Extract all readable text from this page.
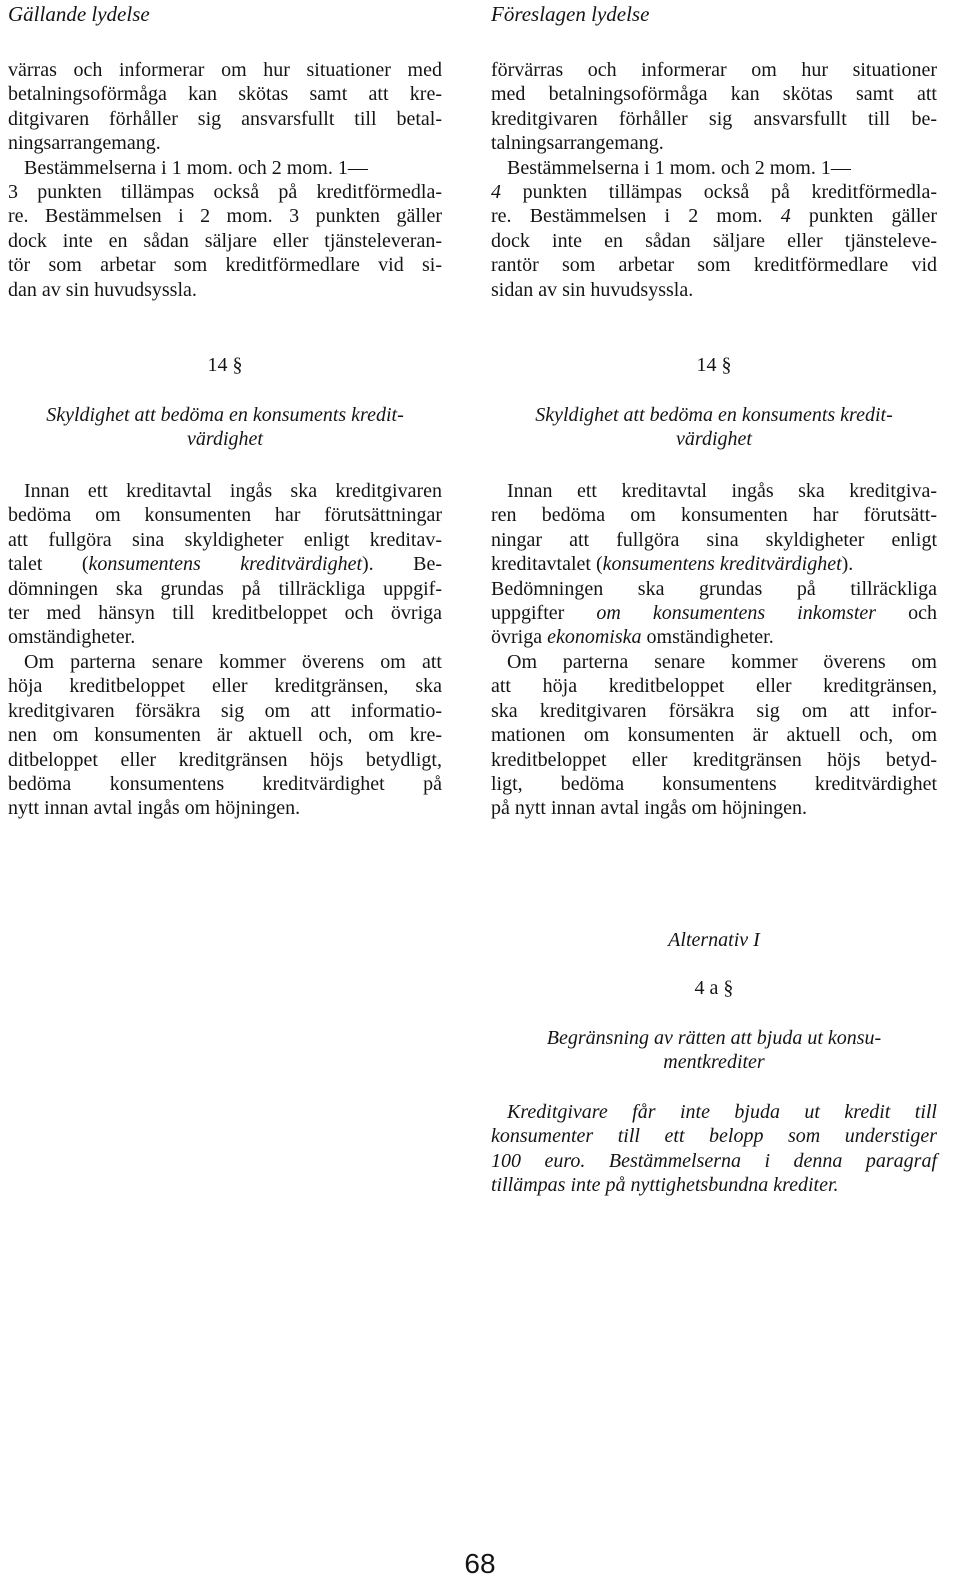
Gällande lydelse	Föreslagen lydelse
värras och informerar om hur situationer med
betalningsoförmåga kan skötas samt att kre-
ditgivaren förhåller sig ansvarsfullt till betal-
ningsarrangemang.
Bestämmelserna i 1 mom. och 2 mom. 1—
3 punkten tillämpas också på kreditförmedla-
re. Bestämmelsen i 2 mom. 3 punkten gäller
dock inte en sådan säljare eller tjänsteleveran-
tör som arbetar som kreditförmedlare vid si-
dan av sin huvudsyssla.
14 §
Skyldighet att bedöma en konsuments kredit-
värdighet
Innan ett kreditavtal ingås ska kreditgivaren
bedöma om konsumenten har förutsättningar
att fullgöra sina skyldigheter enligt kreditav-
talet (konsumentens kreditvärdighet). Be-
dömningen ska grundas på tillräckliga uppgif-
ter med hänsyn till kreditbeloppet och övriga
omständigheter.
Om parterna senare kommer överens om att
höja kreditbeloppet eller kreditgränsen, ska
kreditgivaren försäkra sig om att informatio-
nen om konsumenten är aktuell och, om kre-
ditbeloppet eller kreditgränsen höjs betydligt,
bedöma konsumentens kreditvärdighet på
nytt innan avtal ingås om höjningen.
förvärras och informerar om hur situationer
med betalningsoförmåga kan skötas samt att
kreditgivaren förhåller sig ansvarsfullt till be-
talningsarrangemang.
Bestämmelserna i 1 mom. och 2 mom. 1—
4 punkten tillämpas också på kreditförmedla-
re. Bestämmelsen i 2 mom. 4 punkten gäller
dock inte en sådan säljare eller tjänsteleve-
rantör som arbetar som kreditförmedlare vid
sidan av sin huvudsyssla.
14 §
Skyldighet att bedöma en konsuments kredit-
värdighet
Innan ett kreditavtal ingås ska kreditgiva-
ren bedöma om konsumenten har förutsätt-
ningar att fullgöra sina skyldigheter enligt
kreditavtalet (konsumentens kreditvärdighet).
Bedömningen ska grundas på tillräckliga
uppgifter om konsumentens inkomster och
övriga ekonomiska omständigheter.
Om parterna senare kommer överens om
att höja kreditbeloppet eller kreditgränsen,
ska kreditgivaren försäkra sig om att infor-
mationen om konsumenten är aktuell och, om
kreditbeloppet eller kreditgränsen höjs betyd-
ligt, bedöma konsumentens kreditvärdighet
på nytt innan avtal ingås om höjningen.
Alternativ I
4 a §
Begränsning av rätten att bjuda ut konsu-
mentkrediter
Kreditgivare får inte bjuda ut kredit till
konsumenter till ett belopp som understiger
100 euro. Bestämmelserna i denna paragraf
tillämpas inte på nyttighetsbundna krediter.
68
